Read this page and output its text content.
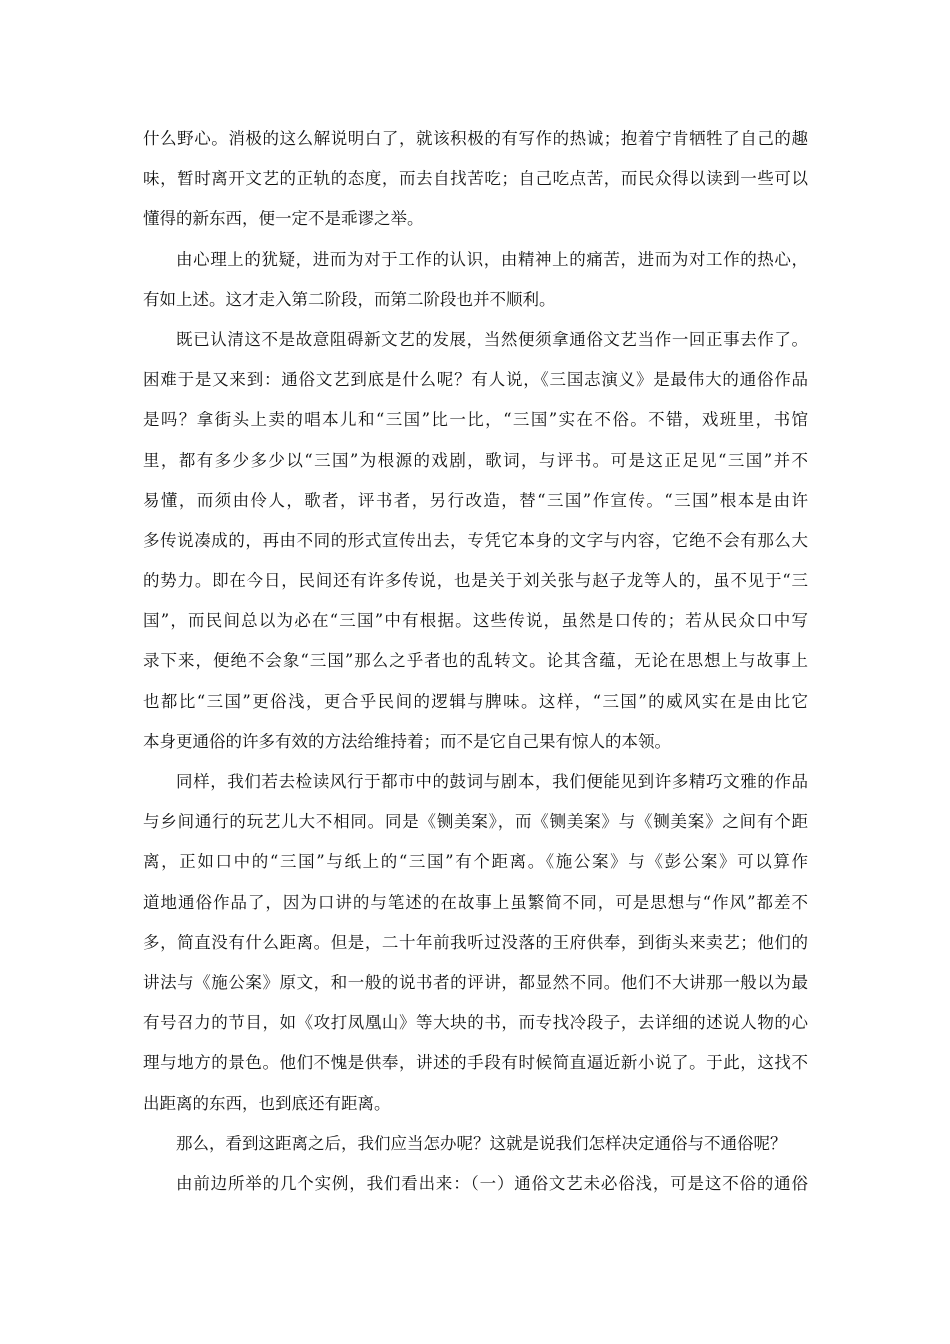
什么野心。消极的这么解说明白了，就该积极的有写作的热诚；抱着宁肯牺牲了自己的趣
味，暂时离开文艺的正轨的态度，而去自找苦吃；自己吃点苦，而民众得以读到一些可以
懂得的新东西，便一定不是乖谬之举。
由心理上的犹疑，进而为对于工作的认识，由精神上的痛苦，进而为对工作的热心，
有如上述。这才走入第二阶段，而第二阶段也并不顺利。
既已认清这不是故意阻碍新文艺的发展，当然便须拿通俗文艺当作一回正事去作了。
困难于是又来到：通俗文艺到底是什么呢？有人说，《三国志演义》是最伟大的通俗作品
是吗？拿街头上卖的唱本儿和“三国”比一比，“三国”实在不俗。不错，戏班里，书馆
里，都有多少多少以“三国”为根源的戏剧，歌词，与评书。可是这正足见“三国”并不
易懂，而须由伶人，歌者，评书者，另行改造，替“三国”作宣传。“三国”根本是由许
多传说凑成的，再由不同的形式宣传出去，专凭它本身的文字与内容，它绝不会有那么大
的势力。即在今日，民间还有许多传说，也是关于刘关张与赵子龙等人的，虽不见于“三
国”，而民间总以为必在“三国”中有根据。这些传说，虽然是口传的；若从民众口中写
录下来，便绝不会象“三国”那么之乎者也的乱转文。论其含蕴，无论在思想上与故事上
也都比“三国”更俗浅，更合乎民间的逻辑与脾味。这样，“三国”的威风实在是由比它
本身更通俗的许多有效的方法给维持着；而不是它自己果有惊人的本领。
同样，我们若去检读风行于都市中的鼓词与剧本，我们便能见到许多精巧文雅的作品
与乡间通行的玩艺儿大不相同。同是《铡美案》，而《铡美案》与《铡美案》之间有个距
离，正如口中的“三国”与纸上的“三国”有个距离。《施公案》与《彭公案》可以算作
道地通俗作品了，因为口讲的与笔述的在故事上虽繁简不同，可是思想与“作风”都差不
多，简直没有什么距离。但是，二十年前我听过没落的王府供奉，到街头来卖艺；他们的
讲法与《施公案》原文，和一般的说书者的评讲，都显然不同。他们不大讲那一般以为最
有号召力的节目，如《攻打凤凰山》等大块的书，而专找冷段子，去详细的述说人物的心
理与地方的景色。他们不愧是供奉，讲述的手段有时候简直逼近新小说了。于此，这找不
出距离的东西，也到底还有距离。
那么，看到这距离之后，我们应当怎办呢？这就是说我们怎样决定通俗与不通俗呢？
由前边所举的几个实例，我们看出来：（一）通俗文艺未必俗浅，可是这不俗的通俗
